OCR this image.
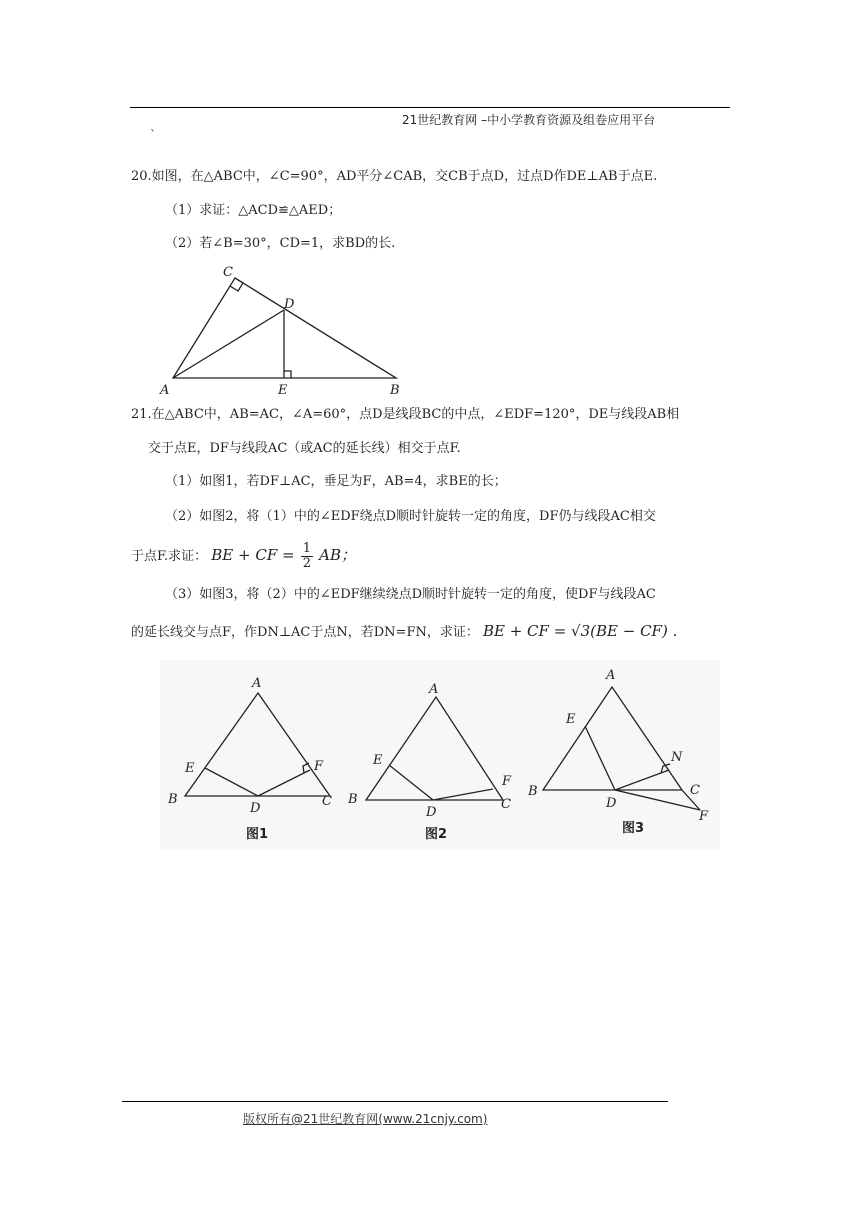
21世纪教育网 –中小学教育资源及组卷应用平台
`
20.如图，在△ABC中，∠C=90°，AD平分∠CAB，交CB于点D，过点D作DE⊥AB于点E.
（1）求证：△ACD≌△AED；
（2）若∠B=30°，CD=1，求BD的长.
C
D
A	E	B
21.在△ABC中，AB=AC，∠A=60°，点D是线段BC的中点，∠EDF=120°，DE与线段AB相
交于点E，DF与线段AC（或AC的延长线）相交于点F.
（1）如图1，若DF⊥AC，垂足为F，AB=4，求BE的长；
（2）如图2，将（1）中的∠EDF绕点D顺时针旋转一定的角度，DF仍与线段AC相交
于点F.求证： BE + CF = $\frac{1}{2}$ AB；
（3）如图3，将（2）中的∠EDF继续绕点D顺时针旋转一定的角度，使DF与线段AC
的延长线交与点F，作DN⊥AC于点N，若DN=FN，求证： BE + CF = √3(BE − CF) .
A
E	F
B
D	C
图1
A
E
F
B
D
C
图2
A
E
N
B	C
D
F
图3
版权所有@21世纪教育网(www.21cnjy.com)
